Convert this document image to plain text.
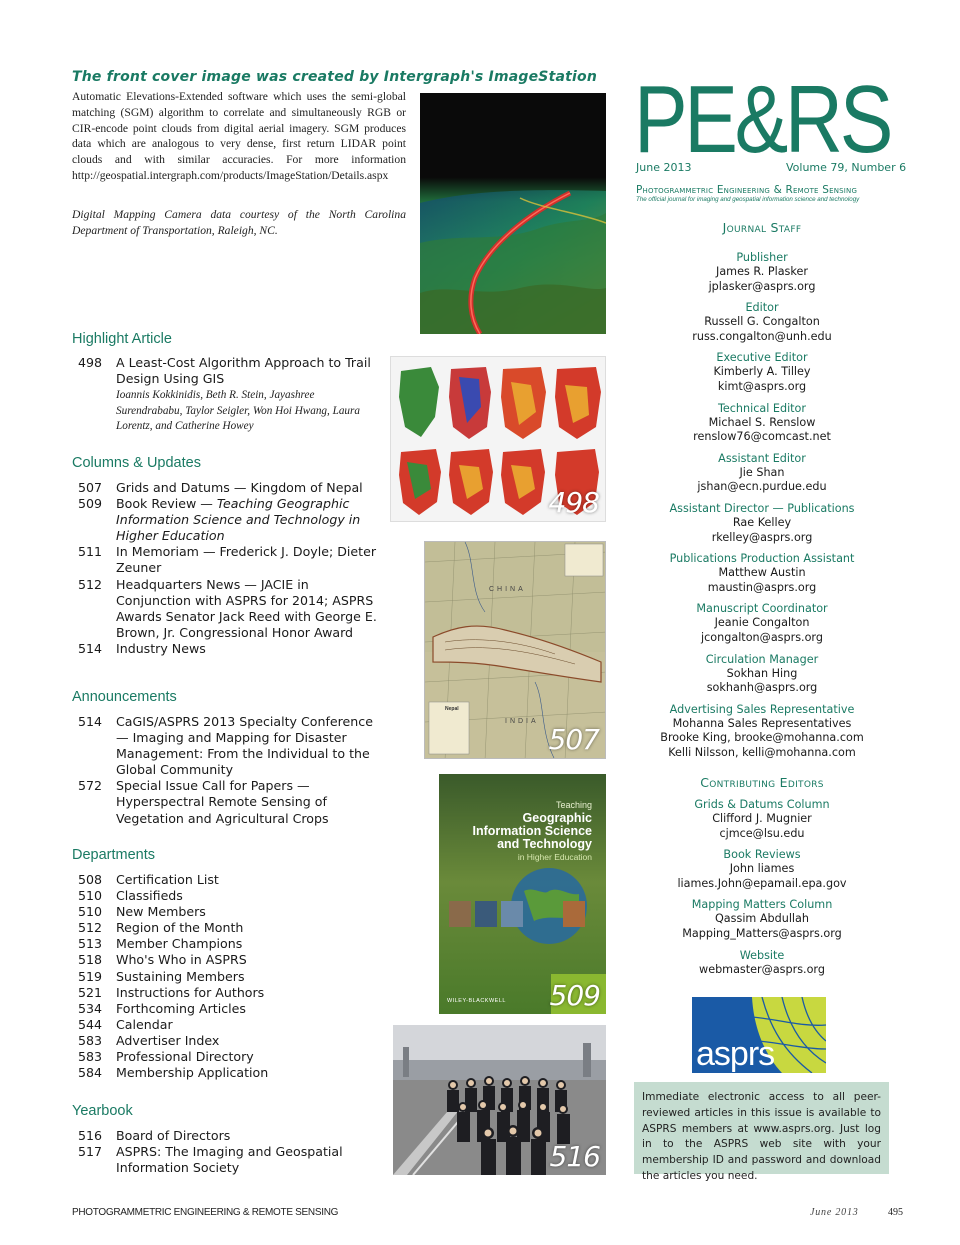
The front cover image was created by Intergraph's ImageStation
Automatic Elevations-Extended software which uses the semi-global matching (SGM) algorithm to correlate and simultaneously RGB or CIR-encode point clouds from digital aerial imagery. SGM produces data which are analogous to very dense, first return LIDAR point clouds and with similar accuracies. For more information http://geospatial.intergraph.com/products/ImageStation/Details.aspx
Digital Mapping Camera data courtesy of the North Carolina Department of Transportation, Raleigh, NC.
Highlight Article
498	A Least-Cost Algorithm Approach to Trail Design Using GIS
Ioannis Kokkinidis, Beth R. Stein, Jayashree Surendrababu, Taylor Seigler, Won Hoi Hwang, Laura Lorentz, and Catherine Howey
498
Columns & Updates
507	Grids and Datums — Kingdom of Nepal
509	Book Review — Teaching Geographic Information Science and Technology in Higher Education
511	In Memoriam — Frederick J. Doyle; Dieter Zeuner
512	Headquarters News — JACIE in Conjunction with ASPRS for 2014; ASPRS Awards Senator Jack Reed with George E. Brown, Jr. Congressional Honor Award
514	Industry News
CHINA
INDIA
Nepal
507
Announcements
514	CaGIS/ASPRS 2013 Specialty Conference — Imaging and Mapping for Disaster Management: From the Individual to the Global Community
572	Special Issue Call for Papers — Hyperspectral Remote Sensing of Vegetation and Agricultural Crops
Teaching
Geographic
Information Science
and Technology
in Higher Education
WILEY-BLACKWELL 509
Departments
508	Certification List
510	Classifieds
510	New Members
512	Region of the Month
513	Member Champions
518	Who's Who in ASPRS
519	Sustaining Members
521	Instructions for Authors
534	Forthcoming Articles
544	Calendar
583	Advertiser Index
583	Professional Directory
584	Membership Application
Yearbook
516	Board of Directors
517	ASPRS: The Imaging and Geospatial Information Society	516
PE&RS
June 2013	Volume 79, Number 6
Photogrammetric Engineering & Remote Sensing
The official journal for imaging and geospatial information science and technology
Journal Staff
Publisher
James R. Plasker
jplasker@asprs.org
Editor
Russell G. Congalton
russ.congalton@unh.edu
Executive Editor
Kimberly A. Tilley
kimt@asprs.org
Technical Editor
Michael S. Renslow
renslow76@comcast.net
Assistant Editor
Jie Shan
jshan@ecn.purdue.edu
Assistant Director — Publications
Rae Kelley
rkelley@asprs.org
Publications Production Assistant
Matthew Austin
maustin@asprs.org
Manuscript Coordinator
Jeanie Congalton
jcongalton@asprs.org
Circulation Manager
Sokhan Hing
sokhanh@asprs.org
Advertising Sales Representative
Mohanna Sales Representatives
Brooke King, brooke@mohanna.com
Kelli Nilsson, kelli@mohanna.com
Contributing Editors
Grids & Datums Column
Clifford J. Mugnier
cjmce@lsu.edu
Book Reviews
John liames
liames.John@epamail.epa.gov
Mapping Matters Column
Qassim Abdullah
Mapping_Matters@asprs.org
Website
webmaster@asprs.org
asprs
Immediate electronic access to all peer-reviewed articles in this issue is available to ASPRS members at www.asprs.org. Just log in to the ASPRS web site with your membership ID and password and download the articles you need.
PHOTOGRAMMETRIC ENGINEERING & REMOTE SENSING	June 2013	495
